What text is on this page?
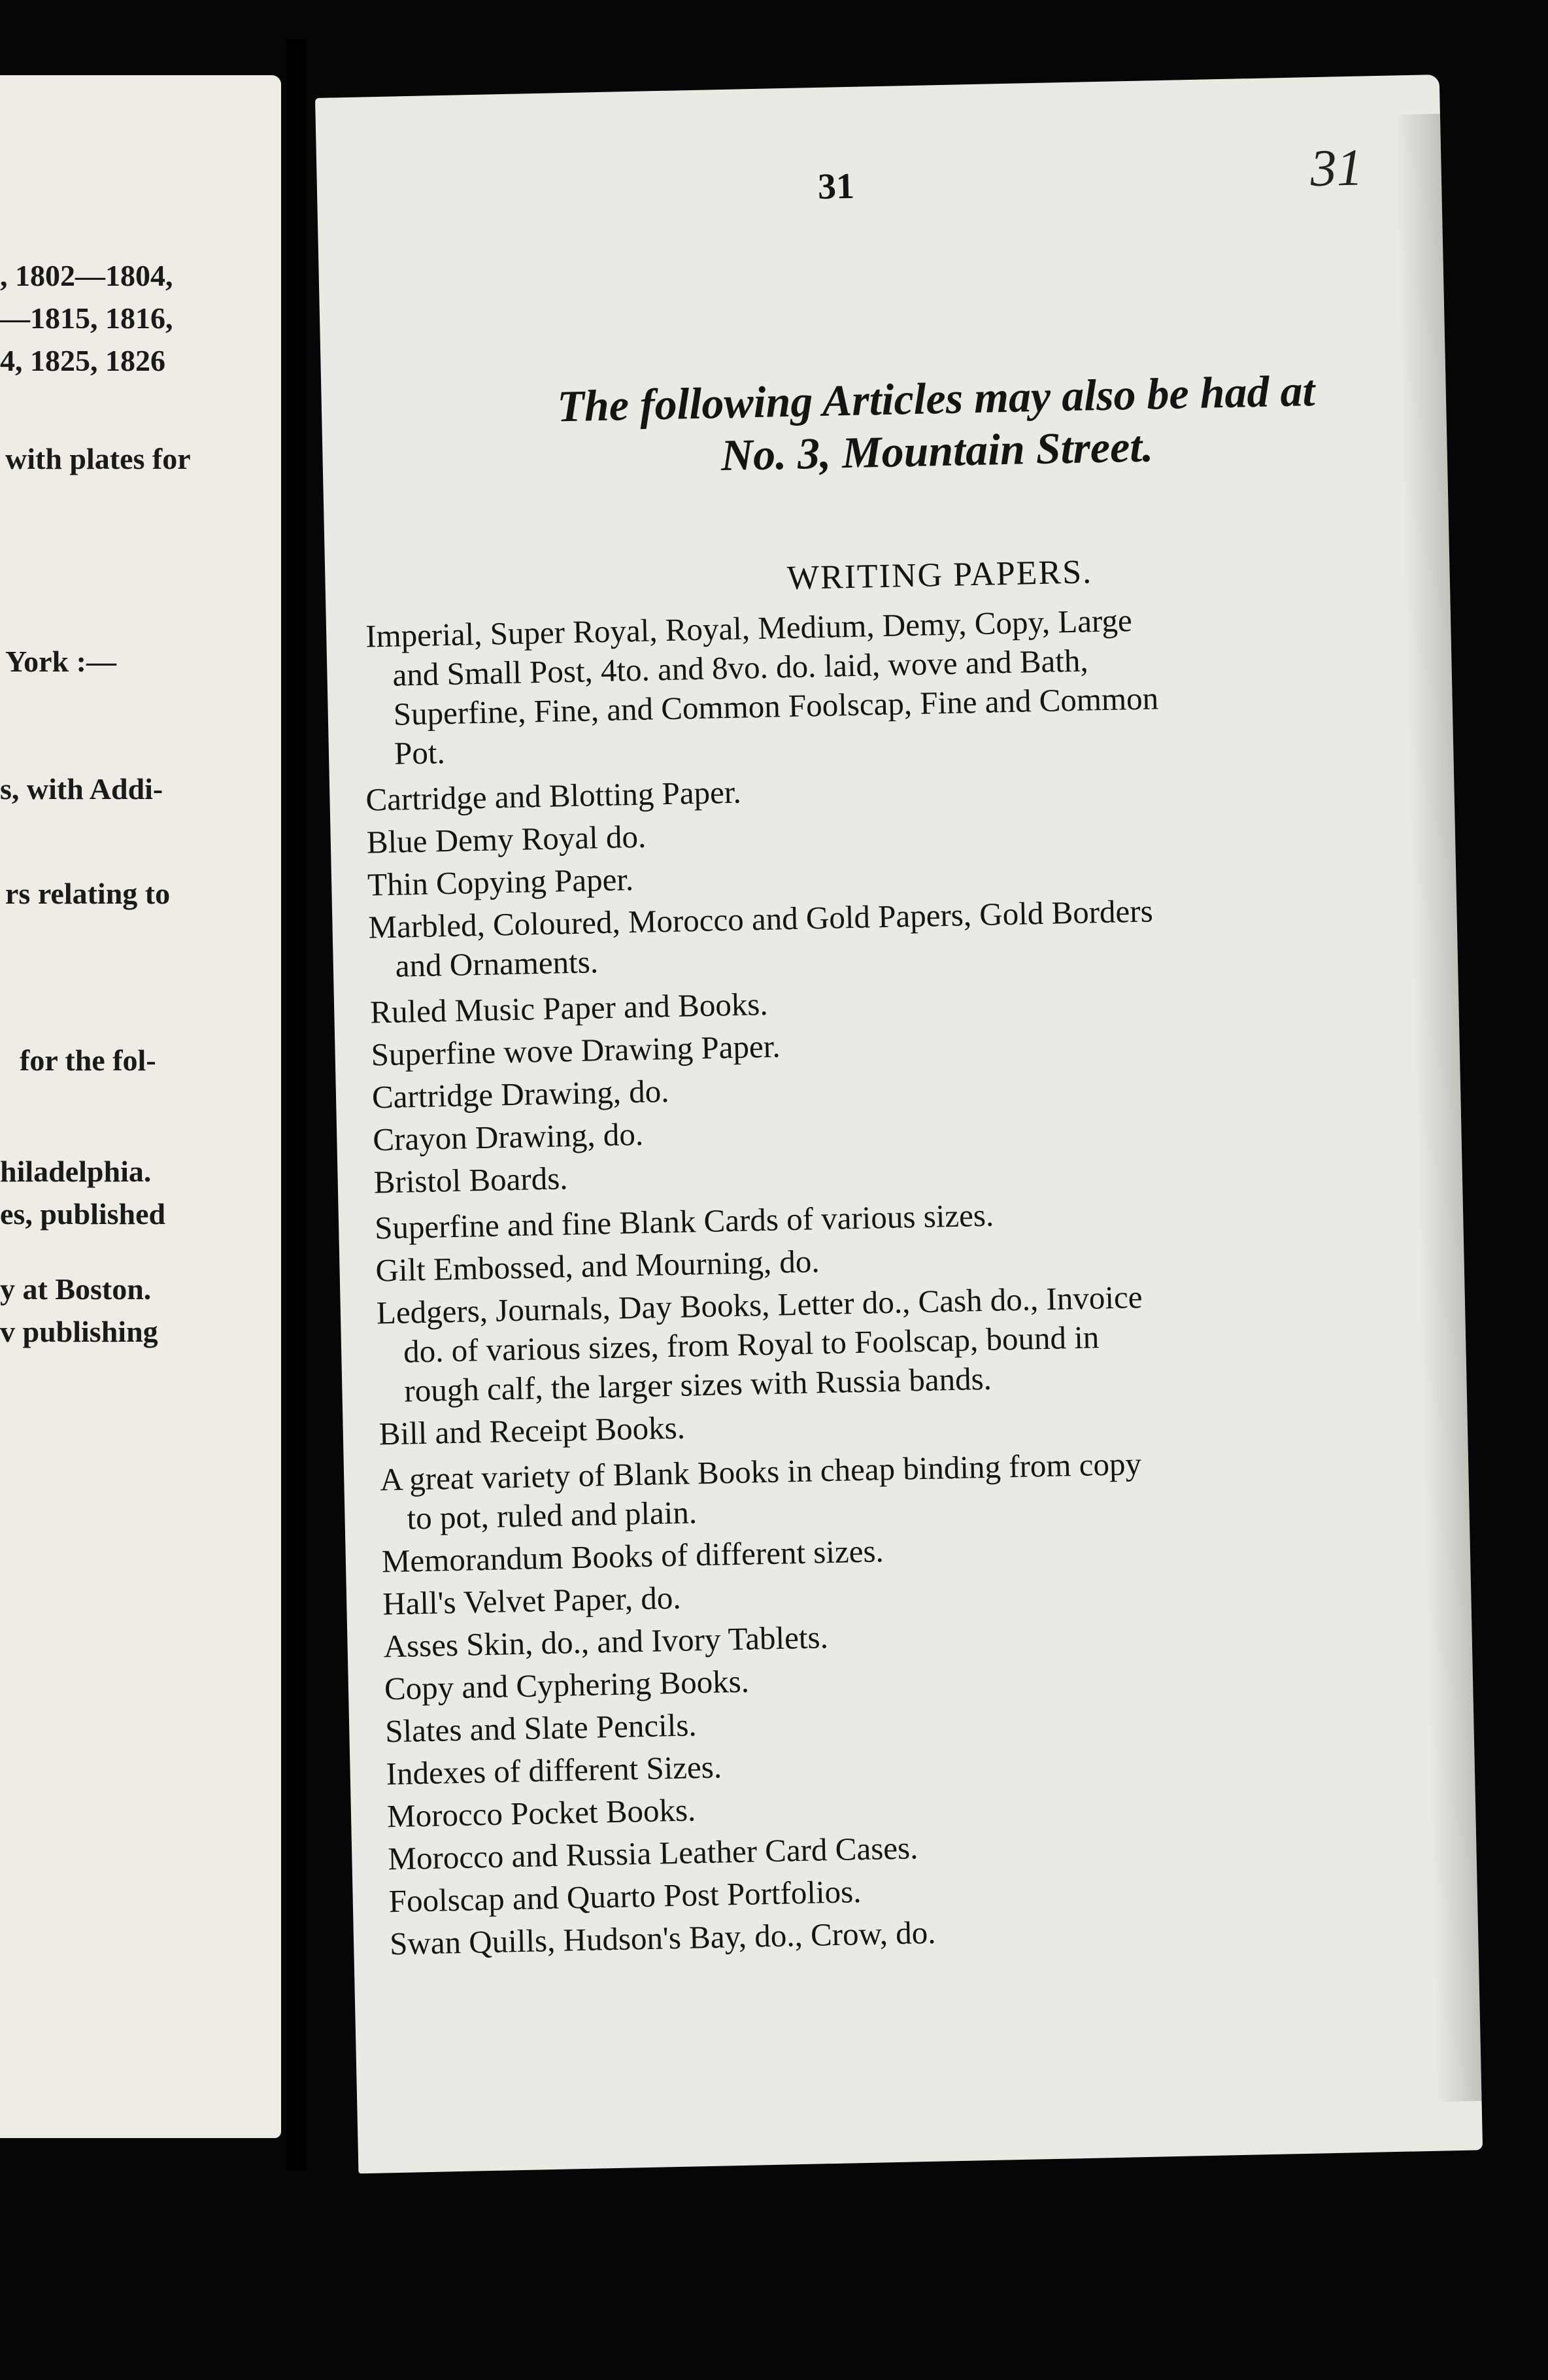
, 1802—1804,
—1815, 1816,
4, 1825, 1826
with plates for
York :—
s, with Addi-
rs relating to
for the fol-
hiladelphia.
es, published
y at Boston.
v publishing
31	31
The following Articles may also be had at
No. 3, Mountain Street.
WRITING PAPERS.
Imperial, Super Royal, Royal, Medium, Demy, Copy, Large
and Small Post, 4to. and 8vo. do. laid, wove and Bath,
Superfine, Fine, and Common Foolscap, Fine and Common
Pot.
Cartridge and Blotting Paper.
Blue Demy Royal do.
Thin Copying Paper.
Marbled, Coloured, Morocco and Gold Papers, Gold Borders
and Ornaments.
Ruled Music Paper and Books.
Superfine wove Drawing Paper.
Cartridge Drawing, do.
Crayon Drawing, do.
Bristol Boards.
Superfine and fine Blank Cards of various sizes.
Gilt Embossed, and Mourning, do.
Ledgers, Journals, Day Books, Letter do., Cash do., Invoice
do. of various sizes, from Royal to Foolscap, bound in
rough calf, the larger sizes with Russia bands.
Bill and Receipt Books.
A great variety of Blank Books in cheap binding from copy
to pot, ruled and plain.
Memorandum Books of different sizes.
Hall's Velvet Paper, do.
Asses Skin, do., and Ivory Tablets.
Copy and Cyphering Books.
Slates and Slate Pencils.
Indexes of different Sizes.
Morocco Pocket Books.
Morocco and Russia Leather Card Cases.
Foolscap and Quarto Post Portfolios.
Swan Quills, Hudson's Bay, do., Crow, do.
